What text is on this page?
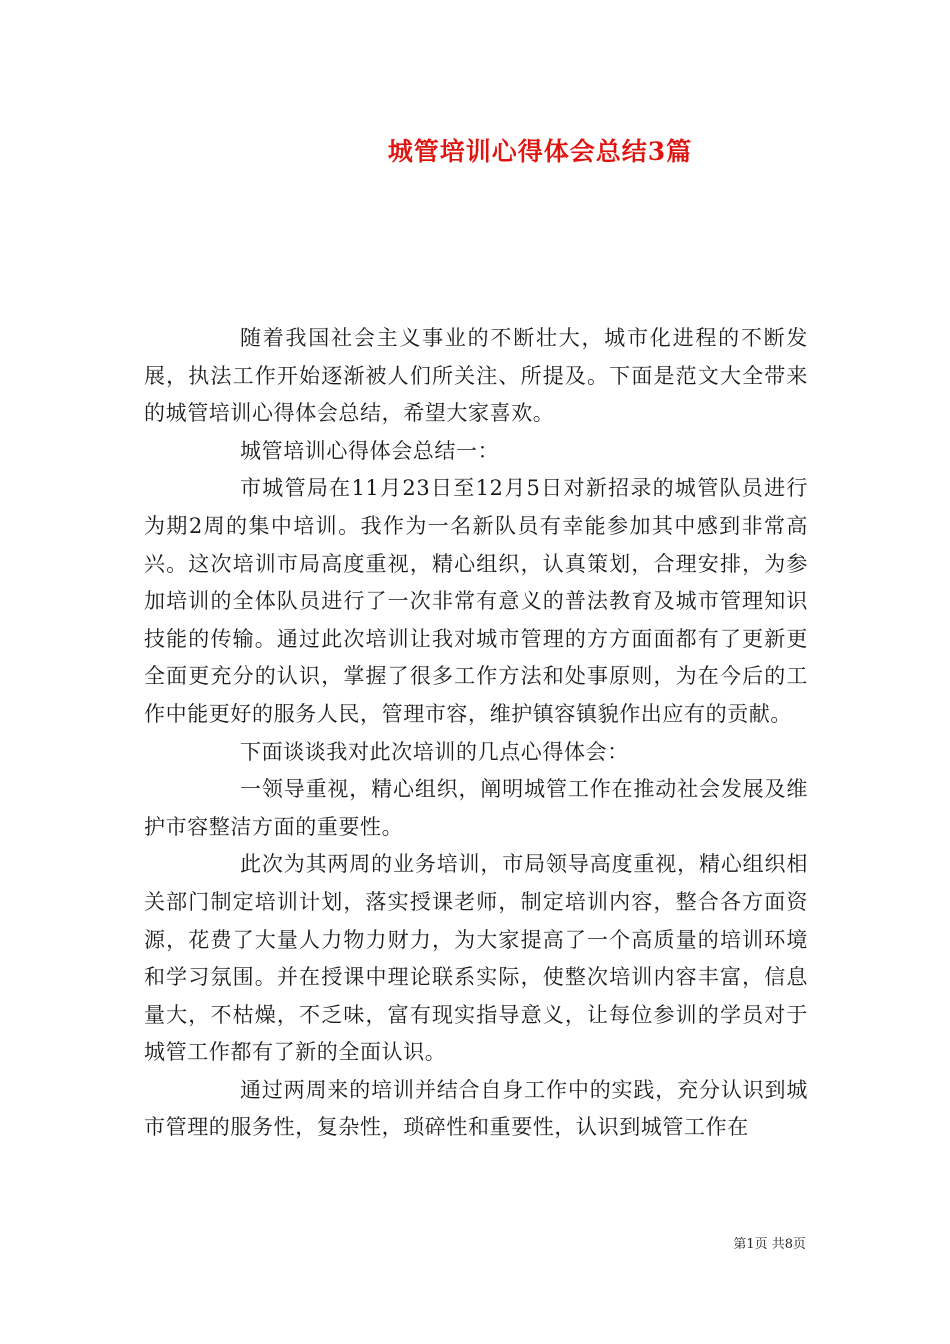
城管培训心得体会总结3篇

随着我国社会主义事业的不断壮大，城市化进程的不断发展，执法工作开始逐渐被人们所关注、所提及。下面是范文大全带来的城管培训心得体会总结，希望大家喜欢。

城管培训心得体会总结一：

市城管局在11月23日至12月5日对新招录的城管队员进行为期2周的集中培训。我作为一名新队员有幸能参加其中感到非常高兴。这次培训市局高度重视，精心组织，认真策划，合理安排，为参加培训的全体队员进行了一次非常有意义的普法教育及城市管理知识技能的传输。通过此次培训让我对城市管理的方方面面都有了更新更全面更充分的认识，掌握了很多工作方法和处事原则，为在今后的工作中能更好的服务人民，管理市容，维护镇容镇貌作出应有的贡献。

下面谈谈我对此次培训的几点心得体会：

一领导重视，精心组织，阐明城管工作在推动社会发展及维护市容整洁方面的重要性。

此次为其两周的业务培训，市局领导高度重视，精心组织相关部门制定培训计划，落实授课老师，制定培训内容，整合各方面资源，花费了大量人力物力财力，为大家提高了一个高质量的培训环境和学习氛围。并在授课中理论联系实际，使整次培训内容丰富，信息量大，不枯燥，不乏味，富有现实指导意义，让每位参训的学员对于城管工作都有了新的全面认识。

通过两周来的培训并结合自身工作中的实践，充分认识到城市管理的服务性，复杂性，琐碎性和重要性，认识到城管工作在

第1页 共8页
